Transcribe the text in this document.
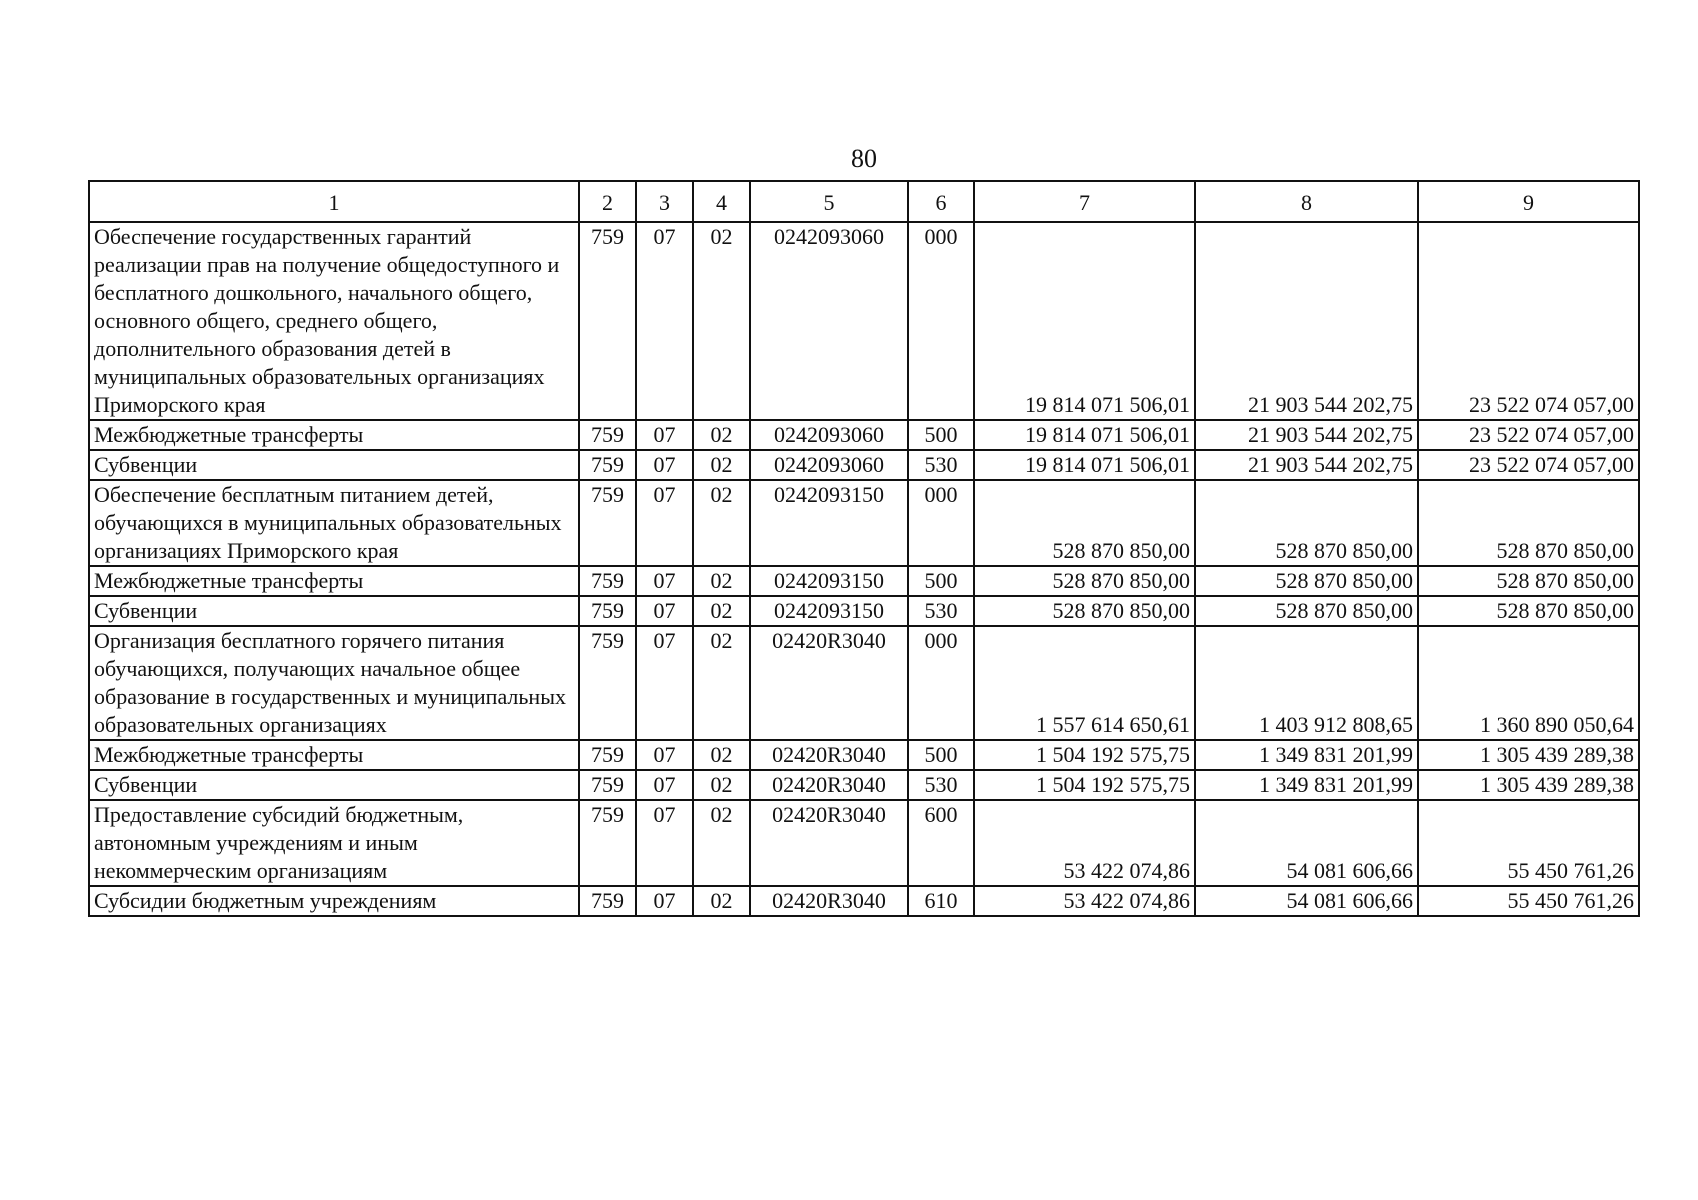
80
1	2	3	4	5	6	7	8	9
Обеспечение государственных гарантий реализации прав на получение общедоступного и бесплатного дошкольного, начального общего, основного общего, среднего общего, дополнительного образования детей в муниципальных образовательных организациях Приморского края	759	07	02	0242093060	000	19 814 071 506,01	21 903 544 202,75	23 522 074 057,00
Межбюджетные трансферты	759	07	02	0242093060	500	19 814 071 506,01	21 903 544 202,75	23 522 074 057,00
Субвенции	759	07	02	0242093060	530	19 814 071 506,01	21 903 544 202,75	23 522 074 057,00
Обеспечение бесплатным питанием детей, обучающихся в муниципальных образовательных организациях Приморского края	759	07	02	0242093150	000	528 870 850,00	528 870 850,00	528 870 850,00
Межбюджетные трансферты	759	07	02	0242093150	500	528 870 850,00	528 870 850,00	528 870 850,00
Субвенции	759	07	02	0242093150	530	528 870 850,00	528 870 850,00	528 870 850,00
Организация бесплатного горячего питания обучающихся, получающих начальное общее образование в государственных и муниципальных образовательных организациях	759	07	02	02420R3040	000	1 557 614 650,61	1 403 912 808,65	1 360 890 050,64
Межбюджетные трансферты	759	07	02	02420R3040	500	1 504 192 575,75	1 349 831 201,99	1 305 439 289,38
Субвенции	759	07	02	02420R3040	530	1 504 192 575,75	1 349 831 201,99	1 305 439 289,38
Предоставление субсидий бюджетным, автономным учреждениям и иным некоммерческим организациям	759	07	02	02420R3040	600	53 422 074,86	54 081 606,66	55 450 761,26
Субсидии бюджетным учреждениям	759	07	02	02420R3040	610	53 422 074,86	54 081 606,66	55 450 761,26
